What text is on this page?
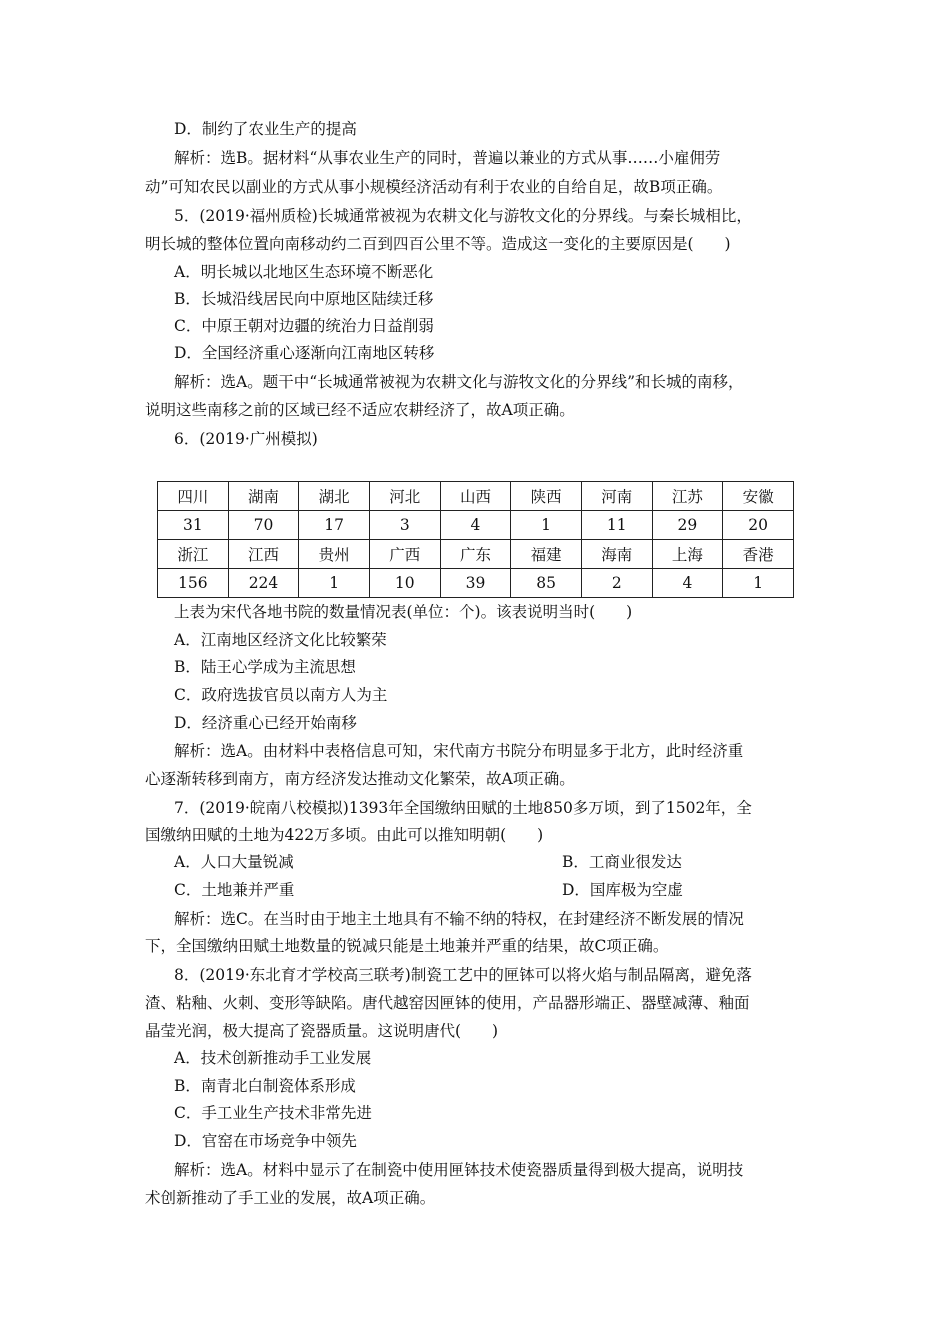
D．制约了农业生产的提高
解析：选B。据材料“从事农业生产的同时，普遍以兼业的方式从事……小雇佣劳
动”可知农民以副业的方式从事小规模经济活动有利于农业的自给自足，故B项正确。
5．(2019·福州质检)长城通常被视为农耕文化与游牧文化的分界线。与秦长城相比，
明长城的整体位置向南移动约二百到四百公里不等。造成这一变化的主要原因是(　　)
A．明长城以北地区生态环境不断恶化
B．长城沿线居民向中原地区陆续迁移
C．中原王朝对边疆的统治力日益削弱
D．全国经济重心逐渐向江南地区转移
解析：选A。题干中“长城通常被视为农耕文化与游牧文化的分界线”和长城的南移，
说明这些南移之前的区域已经不适应农耕经济了，故A项正确。
6．(2019·广州模拟)
四川	湖南	湖北	河北	山西	陕西	河南	江苏	安徽
31	70	17	3	4	1	11	29	20
浙江	江西	贵州	广西	广东	福建	海南	上海	香港
156	224	1	10	39	85	2	4	1
上表为宋代各地书院的数量情况表(单位：个)。该表说明当时(　　)
A．江南地区经济文化比较繁荣
B．陆王心学成为主流思想
C．政府选拔官员以南方人为主
D．经济重心已经开始南移
解析：选A。由材料中表格信息可知，宋代南方书院分布明显多于北方，此时经济重
心逐渐转移到南方，南方经济发达推动文化繁荣，故A项正确。
7．(2019·皖南八校模拟)1393年全国缴纳田赋的土地850多万顷，到了1502年，全
国缴纳田赋的土地为422万多顷。由此可以推知明朝(　　)
A．人口大量锐减	B．工商业很发达
C．土地兼并严重	D．国库极为空虚
解析：选C。在当时由于地主土地具有不输不纳的特权，在封建经济不断发展的情况
下，全国缴纳田赋土地数量的锐减只能是土地兼并严重的结果，故C项正确。
8．(2019·东北育才学校高三联考)制瓷工艺中的匣钵可以将火焰与制品隔离，避免落
渣、粘釉、火刺、变形等缺陷。唐代越窑因匣钵的使用，产品器形端正、器壁减薄、釉面
晶莹光润，极大提高了瓷器质量。这说明唐代(　　)
A．技术创新推动手工业发展
B．南青北白制瓷体系形成
C．手工业生产技术非常先进
D．官窑在市场竞争中领先
解析：选A。材料中显示了在制瓷中使用匣钵技术使瓷器质量得到极大提高，说明技
术创新推动了手工业的发展，故A项正确。
